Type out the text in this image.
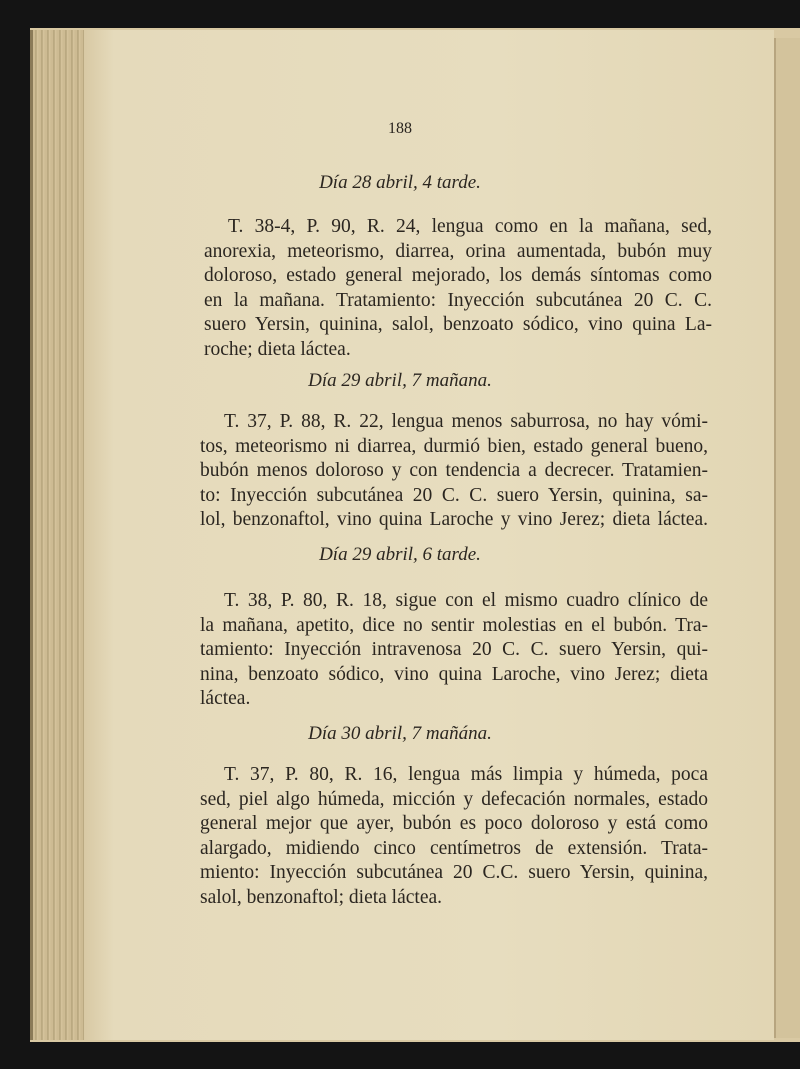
188
Día 28 abril, 4 tarde.
T. 38-4, P. 90, R. 24, lengua como en la mañana, sed,
anorexia, meteorismo, diarrea, orina aumentada, bubón muy
doloroso, estado general mejorado, los demás síntomas como
en la mañana. Tratamiento: Inyección subcutánea 20 C. C.
suero Yersin, quinina, salol, benzoato sódico, vino quina La-
roche; dieta láctea.
Día 29 abril, 7 mañana.
T. 37, P. 88, R. 22, lengua menos saburrosa, no hay vómi-
tos, meteorismo ni diarrea, durmió bien, estado general bueno,
bubón menos doloroso y con tendencia a decrecer. Tratamien-
to: Inyección subcutánea 20 C. C. suero Yersin, quinina, sa-
lol, benzonaftol, vino quina Laroche y vino Jerez; dieta láctea.
Día 29 abril, 6 tarde.
T. 38, P. 80, R. 18, sigue con el mismo cuadro clínico de
la mañana, apetito, dice no sentir molestias en el bubón. Tra-
tamiento: Inyección intravenosa 20 C. C. suero Yersin, qui-
nina, benzoato sódico, vino quina Laroche, vino Jerez; dieta
láctea.
Día 30 abril, 7 mañána.
T. 37, P. 80, R. 16, lengua más limpia y húmeda, poca
sed, piel algo húmeda, micción y defecación normales, estado
general mejor que ayer, bubón es poco doloroso y está como
alargado, midiendo cinco centímetros de extensión. Trata-
miento: Inyección subcutánea 20 C.C. suero Yersin, quinina,
salol, benzonaftol; dieta láctea.
